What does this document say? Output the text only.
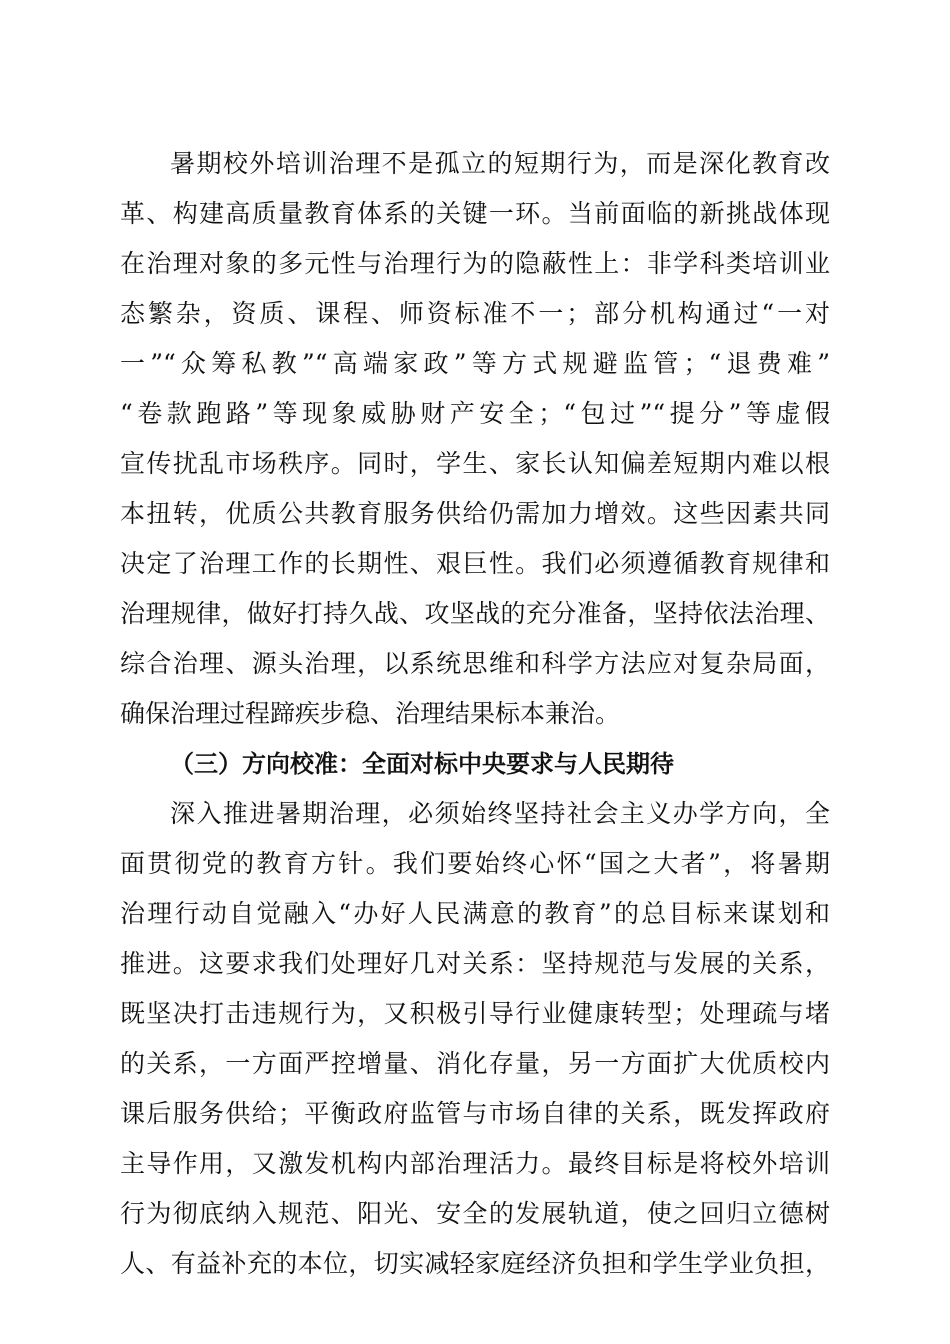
暑期校外培训治理不是孤立的短期行为，而是深化教育改
革、构建高质量教育体系的关键一环。当前面临的新挑战体现
在治理对象的多元性与治理行为的隐蔽性上：非学科类培训业
态繁杂，资质、课程、师资标准不一；部分机构通过“一对
一”“众筹私教”“高端家政”等方式规避监管；“退费难”
“卷款跑路”等现象威胁财产安全；“包过”“提分”等虚假
宣传扰乱市场秩序。同时，学生、家长认知偏差短期内难以根
本扭转，优质公共教育服务供给仍需加力增效。这些因素共同
决定了治理工作的长期性、艰巨性。我们必须遵循教育规律和
治理规律，做好打持久战、攻坚战的充分准备，坚持依法治理、
综合治理、源头治理，以系统思维和科学方法应对复杂局面，
确保治理过程蹄疾步稳、治理结果标本兼治。
（三）方向校准：全面对标中央要求与人民期待
深入推进暑期治理，必须始终坚持社会主义办学方向，全
面贯彻党的教育方针。我们要始终心怀“国之大者”，将暑期
治理行动自觉融入“办好人民满意的教育”的总目标来谋划和
推进。这要求我们处理好几对关系：坚持规范与发展的关系，
既坚决打击违规行为，又积极引导行业健康转型；处理疏与堵
的关系，一方面严控增量、消化存量，另一方面扩大优质校内
课后服务供给；平衡政府监管与市场自律的关系，既发挥政府
主导作用，又激发机构内部治理活力。最终目标是将校外培训
行为彻底纳入规范、阳光、安全的发展轨道，使之回归立德树
人、有益补充的本位，切实减轻家庭经济负担和学生学业负担，
